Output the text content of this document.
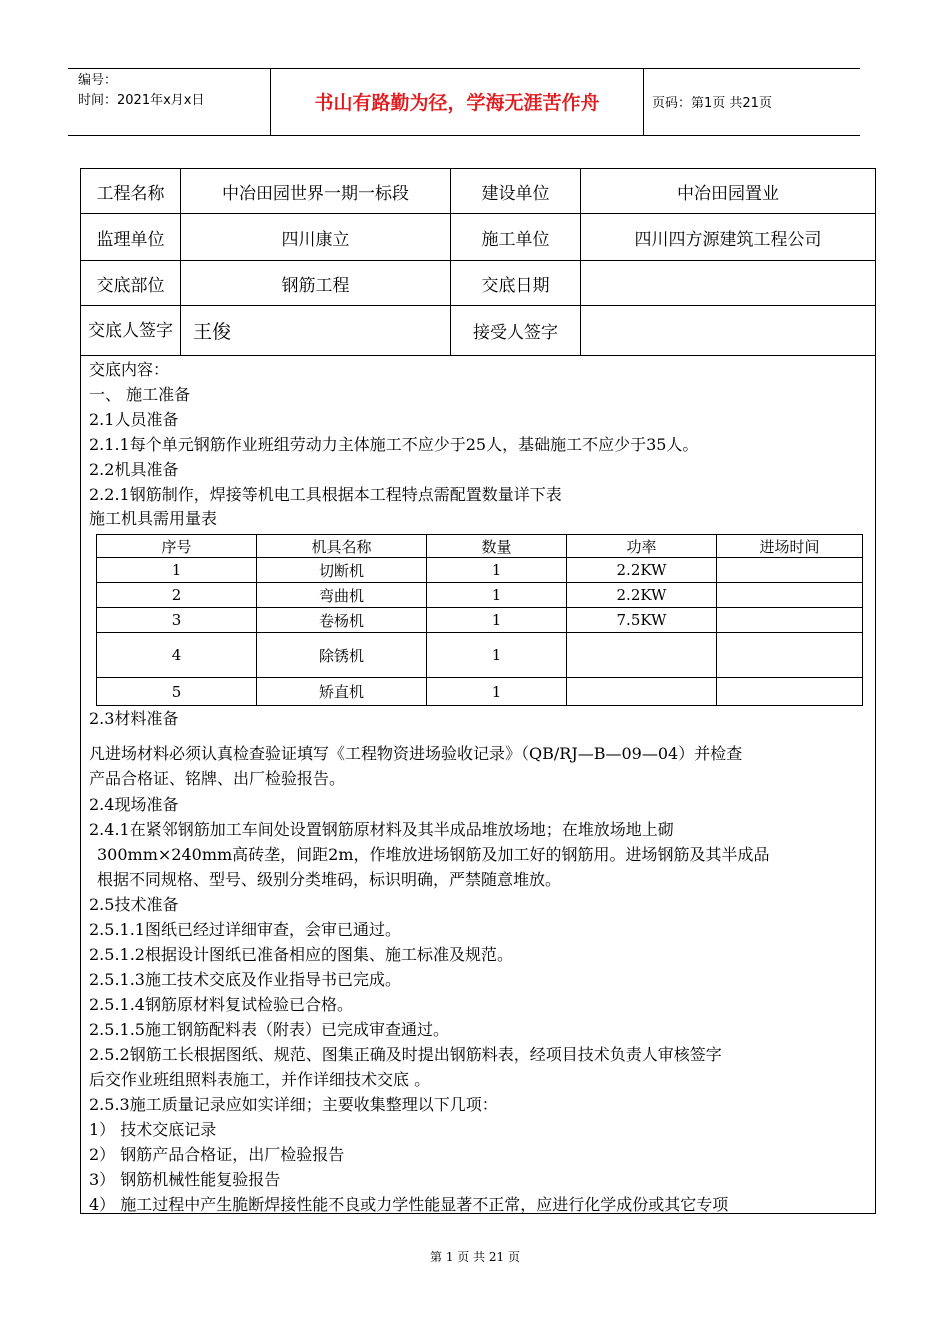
编号：
时间：2021年x月x日	书山有路勤为径，学海无涯苦作舟	页码：第1页 共21页
工程名称	中冶田园世界一期一标段	建设单位	中冶田园置业
监理单位	四川康立	施工单位	四川四方源建筑工程公司
交底部位	钢筋工程	交底日期	
交底人签字	王俊	接受人签字	
交底内容：
一、 施工准备
2.1人员准备
2.1.1每个单元钢筋作业班组劳动力主体施工不应少于25人，基础施工不应少于35人。
2.2机具准备
2.2.1钢筋制作，焊接等机电工具根据本工程特点需配置数量详下表
施工机具需用量表
2.3材料准备
凡进场材料必须认真检查验证填写《工程物资进场验收记录》（QB/RJ—B—09—04）并检查
产品合格证、铭牌、出厂检验报告。
2.4现场准备
2.4.1在紧邻钢筋加工车间处设置钢筋原材料及其半成品堆放场地；在堆放场地上砌
300mm×240mm高砖垄，间距2m，作堆放进场钢筋及加工好的钢筋用。进场钢筋及其半成品
根据不同规格、型号、级别分类堆码，标识明确，严禁随意堆放。
2.5技术准备
2.5.1.1图纸已经过详细审查，会审已通过。
2.5.1.2根据设计图纸已准备相应的图集、施工标准及规范。
2.5.1.3施工技术交底及作业指导书已完成。
2.5.1.4钢筋原材料复试检验已合格。
2.5.1.5施工钢筋配料表（附表）已完成审查通过。
2.5.2钢筋工长根据图纸、规范、图集正确及时提出钢筋料表，经项目技术负责人审核签字
后交作业班组照料表施工，并作详细技术交底 。
2.5.3施工质量记录应如实详细；主要收集整理以下几项：
1） 技术交底记录
2） 钢筋产品合格证，出厂检验报告
3） 钢筋机械性能复验报告
4） 施工过程中产生脆断焊接性能不良或力学性能显著不正常，应进行化学成份或其它专项
序号	机具名称	数量	功率	进场时间
1	切断机	1	2.2KW	
2	弯曲机	1	2.2KW	
3	卷杨机	1	7.5KW	
4	除锈机	1		
5	矫直机	1		
第 1 页 共 21 页
